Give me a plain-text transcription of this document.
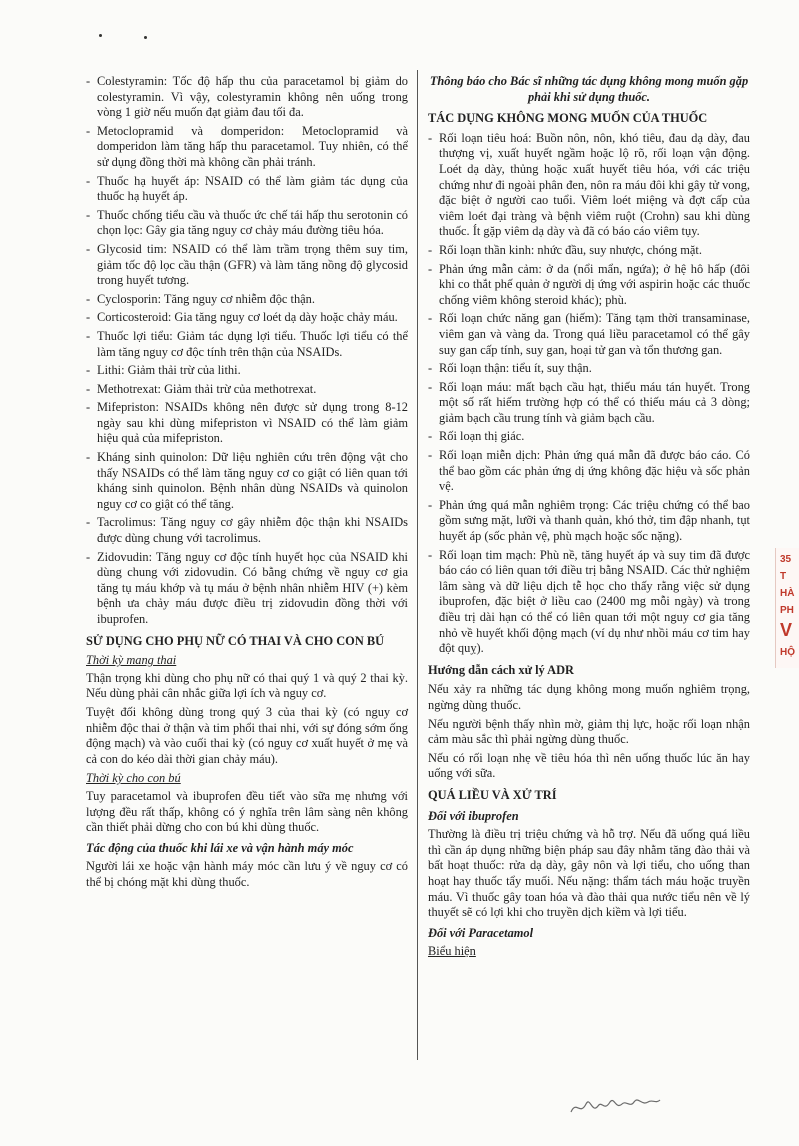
- Colestyramin: Tốc độ hấp thu của paracetamol bị giảm do colestyramin. Vì vậy, colestyramin không nên uống trong vòng 1 giờ nếu muốn đạt giảm đau tối đa.
- Metoclopramid và domperidon: Metoclopramid và domperidon làm tăng hấp thu paracetamol. Tuy nhiên, có thể sử dụng đồng thời mà không cần phải tránh.
- Thuốc hạ huyết áp: NSAID có thể làm giảm tác dụng của thuốc hạ huyết áp.
- Thuốc chống tiểu cầu và thuốc ức chế tái hấp thu serotonin có chọn lọc: Gây gia tăng nguy cơ chảy máu đường tiêu hóa.
- Glycosid tim: NSAID có thể làm trầm trọng thêm suy tim, giảm tốc độ lọc cầu thận (GFR) và làm tăng nồng độ glycosid trong huyết tương.
- Cyclosporin: Tăng nguy cơ nhiễm độc thận.
- Corticosteroid: Gia tăng nguy cơ loét dạ dày hoặc chảy máu.
- Thuốc lợi tiểu: Giảm tác dụng lợi tiểu. Thuốc lợi tiểu có thể làm tăng nguy cơ độc tính trên thận của NSAIDs.
- Lithi: Giảm thải trừ của lithi.
- Methotrexat: Giảm thải trừ của methotrexat.
- Mifepriston: NSAIDs không nên được sử dụng trong 8-12 ngày sau khi dùng mifepriston vì NSAID có thể làm giảm hiệu quả của mifepriston.
- Kháng sinh quinolon: Dữ liệu nghiên cứu trên động vật cho thấy NSAIDs có thể làm tăng nguy cơ co giật có liên quan tới kháng sinh quinolon. Bệnh nhân dùng NSAIDs và quinolon nguy cơ co giật có thể tăng.
- Tacrolimus: Tăng nguy cơ gây nhiễm độc thận khi NSAIDs được dùng chung với tacrolimus.
- Zidovudin: Tăng nguy cơ độc tính huyết học của NSAID khi dùng chung với zidovudin. Có bằng chứng về nguy cơ gia tăng tụ máu khớp và tụ máu ở bệnh nhân nhiễm HIV (+) kèm bệnh ưa chảy máu được điều trị zidovudin đồng thời với ibuprofen.
SỬ DỤNG CHO PHỤ NỮ CÓ THAI VÀ CHO CON BÚ
Thời kỳ mang thai

Thận trọng khi dùng cho phụ nữ có thai quý 1 và quý 2 thai kỳ. Nếu dùng phải cân nhắc giữa lợi ích và nguy cơ.

Tuyệt đối không dùng trong quý 3 của thai kỳ (có nguy cơ nhiễm độc thai ở thận và tim phổi thai nhi, với sự đóng sớm ống động mạch) và vào cuối thai kỳ (có nguy cơ xuất huyết ở mẹ và cả con do kéo dài thời gian chảy máu).

Thời kỳ cho con bú

Tuy paracetamol và ibuprofen đều tiết vào sữa mẹ nhưng với lượng đều rất thấp, không có ý nghĩa trên lâm sàng nên không cần thiết phải dừng cho con bú khi dùng thuốc.

Tác động của thuốc khi lái xe và vận hành máy móc

Người lái xe hoặc vận hành máy móc cần lưu ý về nguy cơ có thể bị chóng mặt khi dùng thuốc.

Thông báo cho Bác sĩ những tác dụng không mong muốn gặp phải khi sử dụng thuốc.
TÁC DỤNG KHÔNG MONG MUỐN CỦA THUỐC
- Rối loạn tiêu hoá: Buồn nôn, nôn, khó tiêu, đau dạ dày, đau thượng vị, xuất huyết ngầm hoặc lộ rõ, rối loạn vận động. Loét dạ dày, thủng hoặc xuất huyết tiêu hóa, với các triệu chứng như đi ngoài phân đen, nôn ra máu đôi khi gây tử vong, đặc biệt ở người cao tuổi. Viêm loét miệng và đợt cấp của viêm loét đại tràng và bệnh viêm ruột (Crohn) sau khi dùng thuốc. Ít gặp viêm dạ dày và đã có báo cáo viêm tụy.
- Rối loạn thần kinh: nhức đầu, suy nhược, chóng mặt.
- Phản ứng mẫn cảm: ở da (nổi mẩn, ngứa); ở hệ hô hấp (đôi khi co thắt phế quản ở người dị ứng với aspirin hoặc các thuốc chống viêm không steroid khác); phù.
- Rối loạn chức năng gan (hiếm): Tăng tạm thời transaminase, viêm gan và vàng da. Trong quá liều paracetamol có thể gây suy gan cấp tính, suy gan, hoại tử gan và tổn thương gan.
- Rối loạn thận: tiểu ít, suy thận.
- Rối loạn máu: mất bạch cầu hạt, thiếu máu tán huyết. Trong một số rất hiếm trường hợp có thể có thiếu máu cả 3 dòng; giảm bạch cầu trung tính và giảm bạch cầu.
- Rối loạn thị giác.
- Rối loạn miễn dịch: Phản ứng quá mẫn đã được báo cáo. Có thể bao gồm các phản ứng dị ứng không đặc hiệu và sốc phản vệ.
- Phản ứng quá mẫn nghiêm trọng: Các triệu chứng có thể bao gồm sưng mặt, lưỡi và thanh quản, khó thở, tim đập nhanh, tụt huyết áp (sốc phản vệ, phù mạch hoặc sốc nặng).
- Rối loạn tim mạch: Phù nề, tăng huyết áp và suy tim đã được báo cáo có liên quan tới điều trị bằng NSAID. Các thử nghiệm lâm sàng và dữ liệu dịch tễ học cho thấy rằng việc sử dụng ibuprofen, đặc biệt ở liều cao (2400 mg mỗi ngày) và trong điều trị dài hạn có thể có liên quan tới một nguy cơ gia tăng nhỏ về huyết khối động mạch (ví dụ như nhồi máu cơ tim hay đột quỵ).
Hướng dẫn cách xử lý ADR

Nếu xảy ra những tác dụng không mong muốn nghiêm trọng, ngừng dùng thuốc.

Nếu người bệnh thấy nhìn mờ, giảm thị lực, hoặc rối loạn nhận cảm màu sắc thì phải ngừng dùng thuốc.

Nếu có rối loạn nhẹ về tiêu hóa thì nên uống thuốc lúc ăn hay uống với sữa.

QUÁ LIỀU VÀ XỬ TRÍ
Đối với ibuprofen

Thường là điều trị triệu chứng và hỗ trợ. Nếu đã uống quá liều thì cần áp dụng những biện pháp sau đây nhằm tăng đào thải và bất hoạt thuốc: rửa dạ dày, gây nôn và lợi tiểu, cho uống than hoạt hay thuốc tẩy muối. Nếu nặng: thẩm tách máu hoặc truyền máu. Vì thuốc gây toan hóa và đào thải qua nước tiểu nên về lý thuyết sẽ có lợi khi cho truyền dịch kiềm và lợi tiểu.

Đối với Paracetamol
Biểu hiện
35
T
HÀ
PH
V
HỘ
